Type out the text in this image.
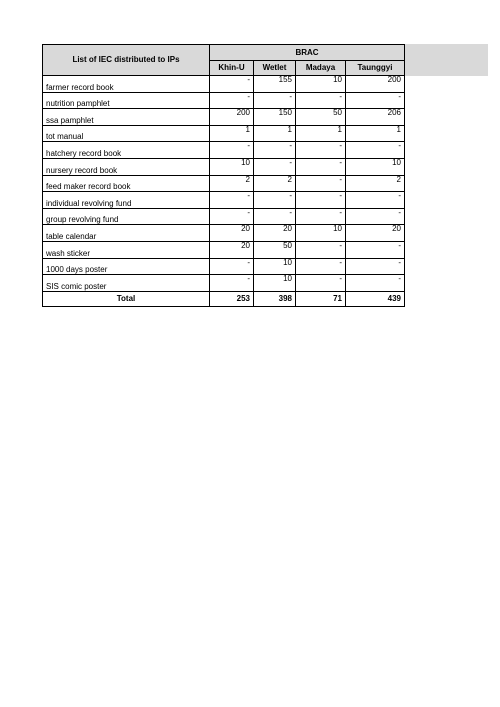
List of IEC distributed to IPs	BRAC			
	Khin-U	Wetlet	Madaya	Taunggyi
farmer record book	-	155	10	200
nutrition pamphlet	-	-	-	-
ssa pamphlet	200	150	50	206
tot manual	1	1	1	1
hatchery record book	-	-	-	-
nursery record book	10	-	-	10
feed maker record book	2	2	-	2
individual revolving fund	-	-	-	-
group revolving fund	-	-	-	-
table calendar	20	20	10	20
wash sticker	20	50	-	-
1000 days poster	-	10	-	-
SIS comic poster	-	10	-	-
Total	253	398	71	439
